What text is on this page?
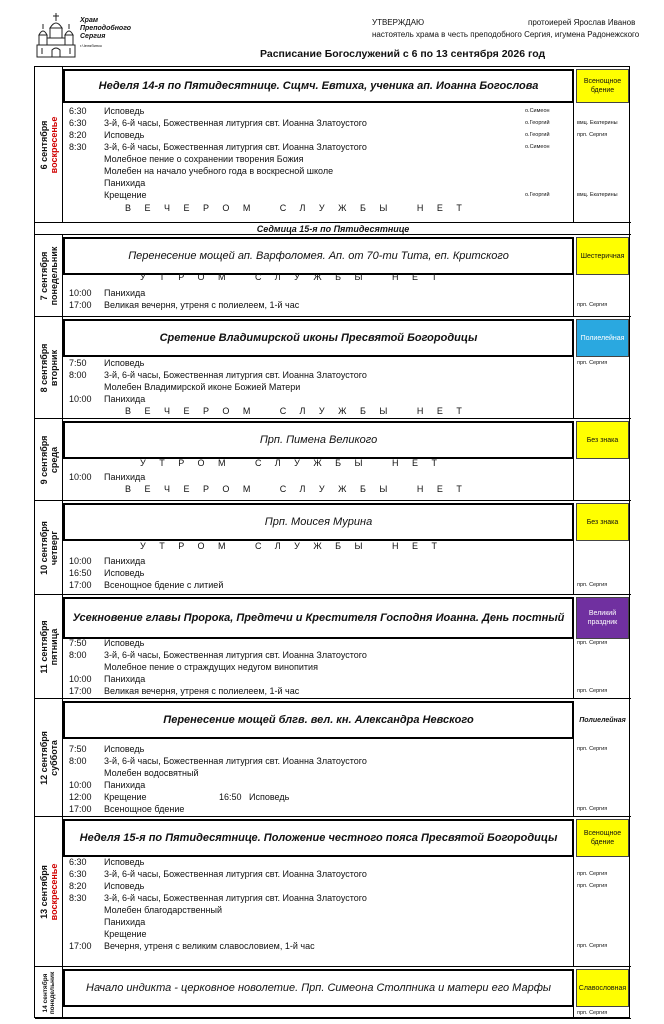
Храм
Преподобного
Сергия
г.Челябинск
УТВЕРЖДАЮ	протоиерей Ярослав Иванов
настоятель храма в честь преподобного Сергия, игумена Радонежского
Расписание Богослужений с 6 по 13 сентября 2026 год
6 сентября воскресенье
Неделя 14-я по Пятидесятнице. Сщмч. Евтиха, ученика ап. Иоанна Богослова	Всенощное бдение
6:30	Исповедь	о.Симеон
6:30	3-й, 6-й часы, Божественная литургия свт. Иоанна Златоустого	о.Георгий	вмц. Екатерины
8:20	Исповедь	о.Георгий	прп. Сергия
8:30	3-й, 6-й часы, Божественная литургия свт. Иоанна Златоустого	о.Симеон
Молебное пение о сохранении творения Божия
Молебен на начало учебного года в воскресной школе
Панихида
Крещение	о.Георгий	вмц. Екатерины
ВЕЧЕРОМ СЛУЖБЫ НЕТ
Седмица 15-я по Пятидесятнице
7 сентября понедельник	Перенесение мощей ап. Варфоломея. Ап. от 70-ти Тита, еп. Критского	Шестеричная
10:00	Панихида
17:00	Великая вечерня, утреня с полиелеем, 1-й час	прп. Сергия
УТРОМ СЛУЖБЫ НЕТ
8 сентября вторник
Сретение Владимирской иконы Пресвятой Богородицы	Полиелейная
7:50	Исповедь	прп. Сергия
8:00	3-й, 6-й часы, Божественная литургия свт. Иоанна Златоустого
Молебен Владимирской иконе Божией Матери
10:00	Панихида
ВЕЧЕРОМ СЛУЖБЫ НЕТ
9 сентября среда
Прп. Пимена Великого	Без знака
10:00	Панихида
УТРОМ СЛУЖБЫ НЕТ
ВЕЧЕРОМ СЛУЖБЫ НЕТ
10 сентября четверг
Прп. Моисея Мурина	Без знака
10:00	Панихида
16:50	Исповедь
17:00	Всенощное бдение с литией	прп. Сергия
УТРОМ СЛУЖБЫ НЕТ
11 сентября пятница
Усекновение главы Пророка, Предтечи и Крестителя Господня Иоанна. День постный	Великий праздник
7:50	Исповедь	прп. Сергия
8:00	3-й, 6-й часы, Божественная литургия свт. Иоанна Златоустого
Молебное пение о страждущих недугом винопития
10:00	Панихида
17:00	Великая вечерня, утреня с полиелеем, 1-й час	прп. Сергия
12 сентября суббота
Перенесение мощей блгв. вел. кн. Александра Невского	Полиелейная
7:50	Исповедь	прп. Сергия
8:00	3-й, 6-й часы, Божественная литургия свт. Иоанна Златоустого
Молебен водосвятный
10:00	Панихида
12:00	Крещение	16:50 Исповедь
17:00	Всенощное бдение	прп. Сергия
13 сентября воскресенье
Неделя 15-я по Пятидесятнице. Положение честного пояса Пресвятой Богородицы	Всенощное бдение
6:30	Исповедь
6:30	3-й, 6-й часы, Божественная литургия свт. Иоанна Златоустого	прп. Сергия
8:20	Исповедь	прп. Сергия
8:30	3-й, 6-й часы, Божественная литургия свт. Иоанна Златоустого
Молебен благодарственный
Панихида
Крещение
17:00	Вечерня, утреня с великим славословием, 1-й час	прп. Сергия
14 сентября понедельник	Начало индикта - церковное новолетие. Прп. Симеона Столпника и матери его Марфы	Славословная
прп. Сергия
